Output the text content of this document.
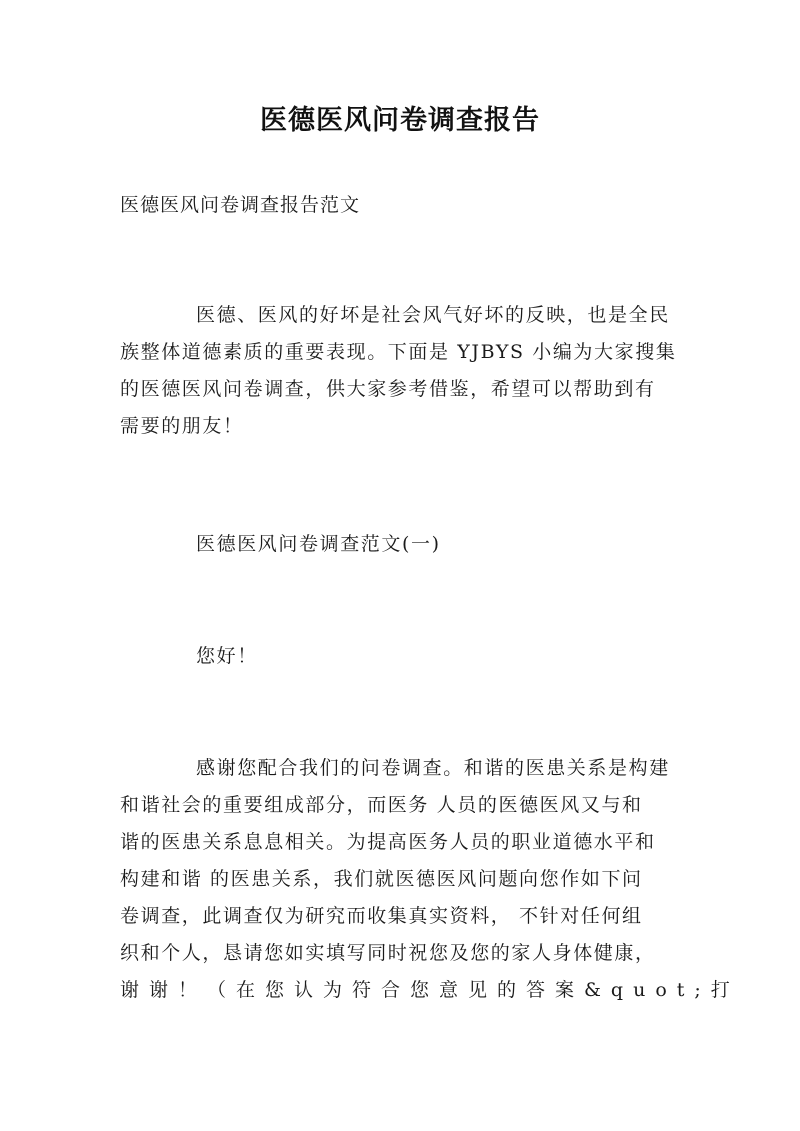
医德医风问卷调查报告
医德医风问卷调查报告范文
医德、医风的好坏是社会风气好坏的反映，也是全民
族整体道德素质的重要表现。下面是 YJBYS 小编为大家搜集
的医德医风问卷调查，供大家参考借鉴，希望可以帮助到有
需要的朋友！
医德医风问卷调查范文(一)
您好！
感谢您配合我们的问卷调查。和谐的医患关系是构建
和谐社会的重要组成部分，而医务 人员的医德医风又与和
谐的医患关系息息相关。为提高医务人员的职业道德水平和
构建和谐 的医患关系，我们就医德医风问题向您作如下问
卷调查，此调查仅为研究而收集真实资料， 不针对任何组
织和个人，恳请您如实填写同时祝您及您的家人身体健康，
谢谢！（在您认为符合您意见的答案&quot;打
